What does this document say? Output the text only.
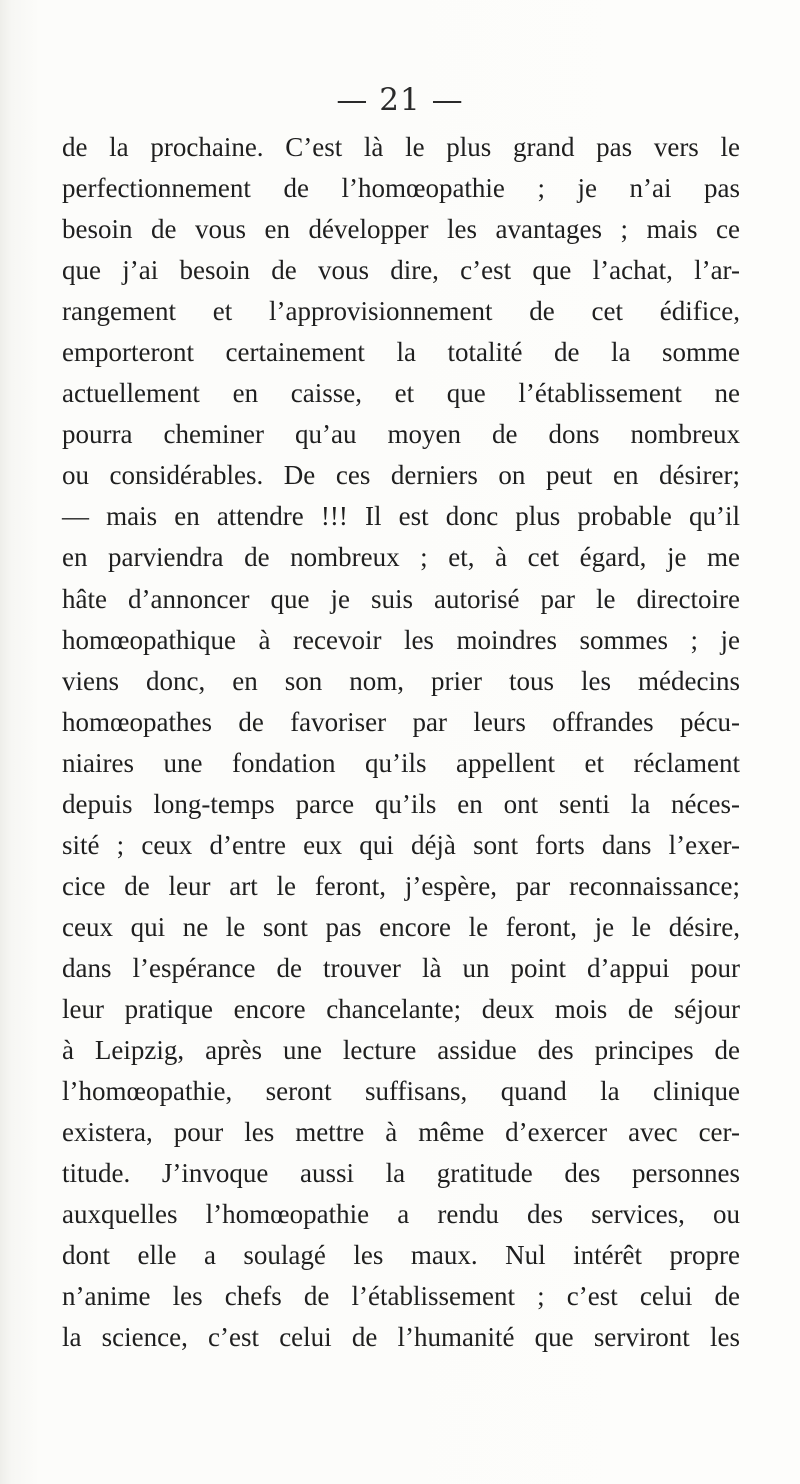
— 21 —
de la prochaine. C’est là le plus grand pas vers le
perfectionnement de l’homœopathie ; je n’ai pas
besoin de vous en développer les avantages ; mais ce
que j’ai besoin de vous dire, c’est que l’achat, l’ar-
rangement et l’approvisionnement de cet édifice,
emporteront certainement la totalité de la somme
actuellement en caisse, et que l’établissement ne
pourra cheminer qu’au moyen de dons nombreux
ou considérables. De ces derniers on peut en désirer;
— mais en attendre !!! Il est donc plus probable qu’il
en parviendra de nombreux ; et, à cet égard, je me
hâte d’annoncer que je suis autorisé par le directoire
homœopathique à recevoir les moindres sommes ; je
viens donc, en son nom, prier tous les médecins
homœopathes de favoriser par leurs offrandes pécu-
niaires une fondation qu’ils appellent et réclament
depuis long-temps parce qu’ils en ont senti la néces-
sité ; ceux d’entre eux qui déjà sont forts dans l’exer-
cice de leur art le feront, j’espère, par reconnaissance;
ceux qui ne le sont pas encore le feront, je le désire,
dans l’espérance de trouver là un point d’appui pour
leur pratique encore chancelante; deux mois de séjour
à Leipzig, après une lecture assidue des principes de
l’homœopathie, seront suffisans, quand la clinique
existera, pour les mettre à même d’exercer avec cer-
titude. J’invoque aussi la gratitude des personnes
auxquelles l’homœopathie a rendu des services, ou
dont elle a soulagé les maux. Nul intérêt propre
n’anime les chefs de l’établissement ; c’est celui de
la science, c’est celui de l’humanité que serviront les
